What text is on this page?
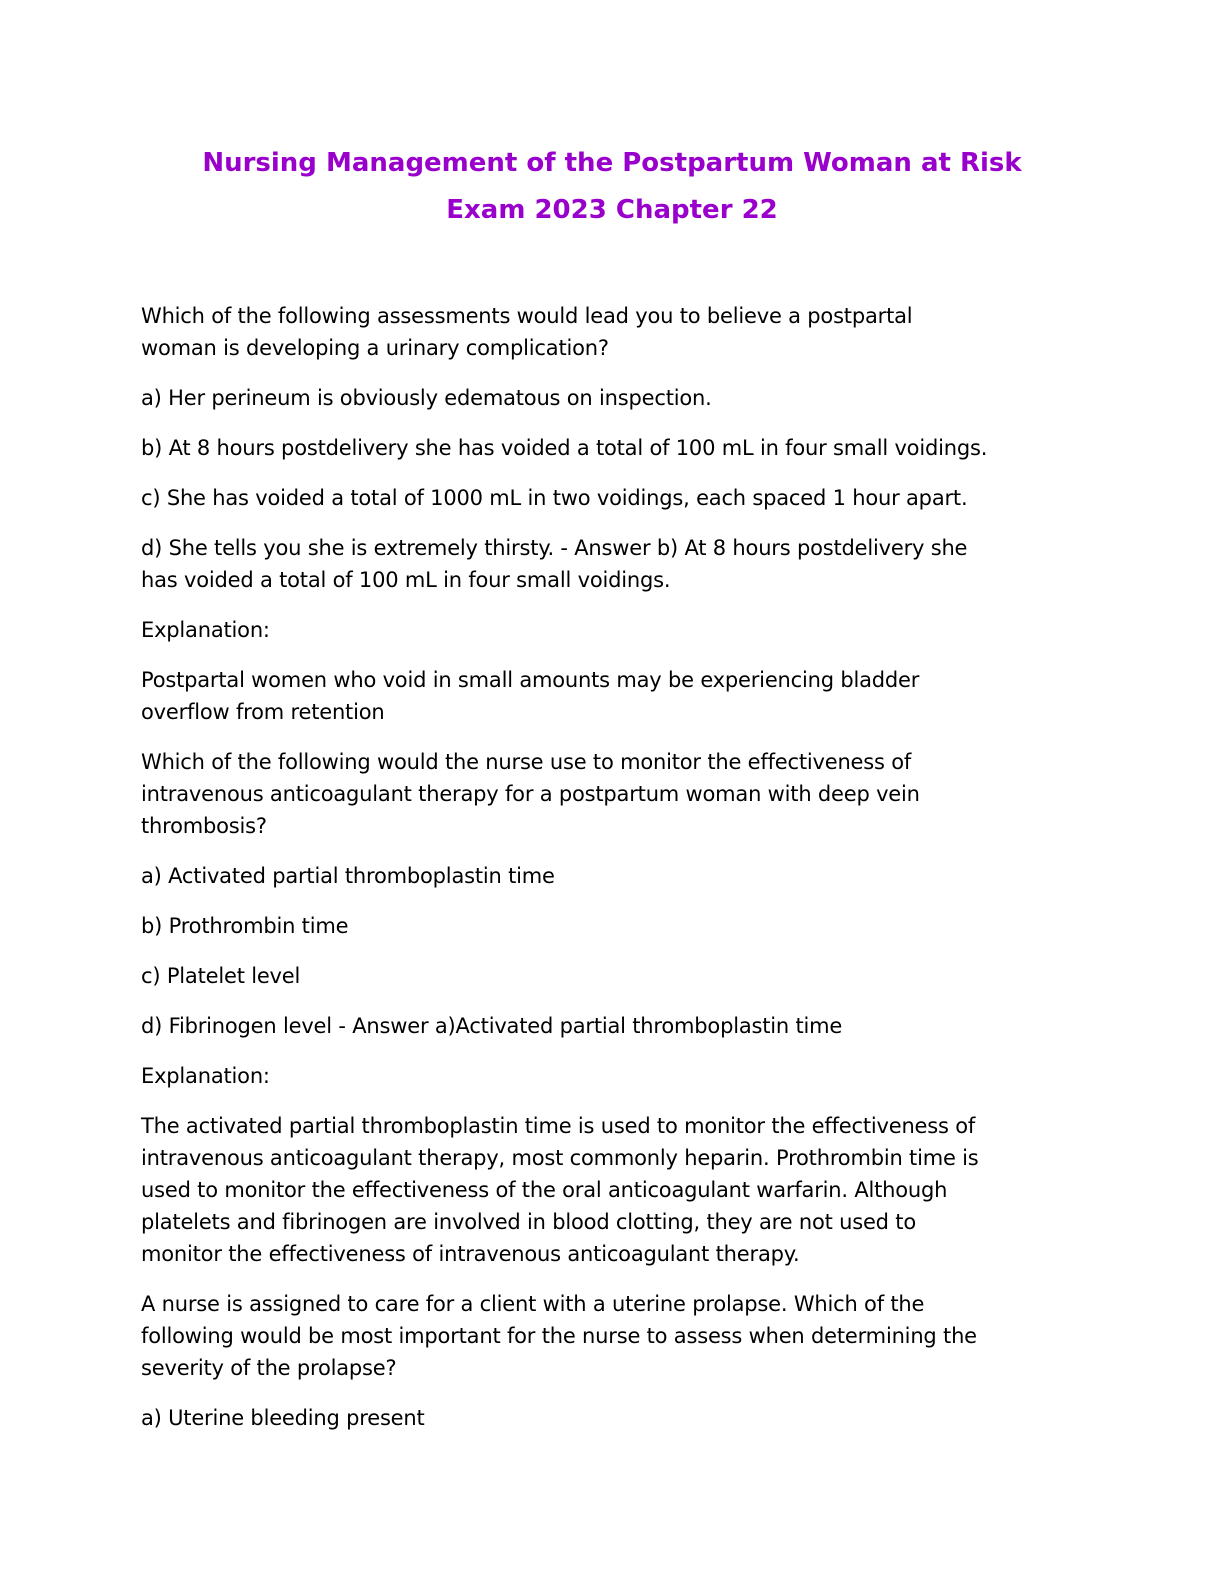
Nursing Management of the Postpartum Woman at Risk
Exam 2023 Chapter 22

Which of the following assessments would lead you to believe a postpartal
woman is developing a urinary complication?

a) Her perineum is obviously edematous on inspection.

b) At 8 hours postdelivery she has voided a total of 100 mL in four small voidings.

c) She has voided a total of 1000 mL in two voidings, each spaced 1 hour apart.

d) She tells you she is extremely thirsty. - Answer b) At 8 hours postdelivery she
has voided a total of 100 mL in four small voidings.

Explanation:

Postpartal women who void in small amounts may be experiencing bladder
overflow from retention

Which of the following would the nurse use to monitor the effectiveness of
intravenous anticoagulant therapy for a postpartum woman with deep vein
thrombosis?

a) Activated partial thromboplastin time

b) Prothrombin time

c) Platelet level

d) Fibrinogen level - Answer a)Activated partial thromboplastin time

Explanation:

The activated partial thromboplastin time is used to monitor the effectiveness of
intravenous anticoagulant therapy, most commonly heparin. Prothrombin time is
used to monitor the effectiveness of the oral anticoagulant warfarin. Although
platelets and fibrinogen are involved in blood clotting, they are not used to
monitor the effectiveness of intravenous anticoagulant therapy.

A nurse is assigned to care for a client with a uterine prolapse. Which of the
following would be most important for the nurse to assess when determining the
severity of the prolapse?

a) Uterine bleeding present
